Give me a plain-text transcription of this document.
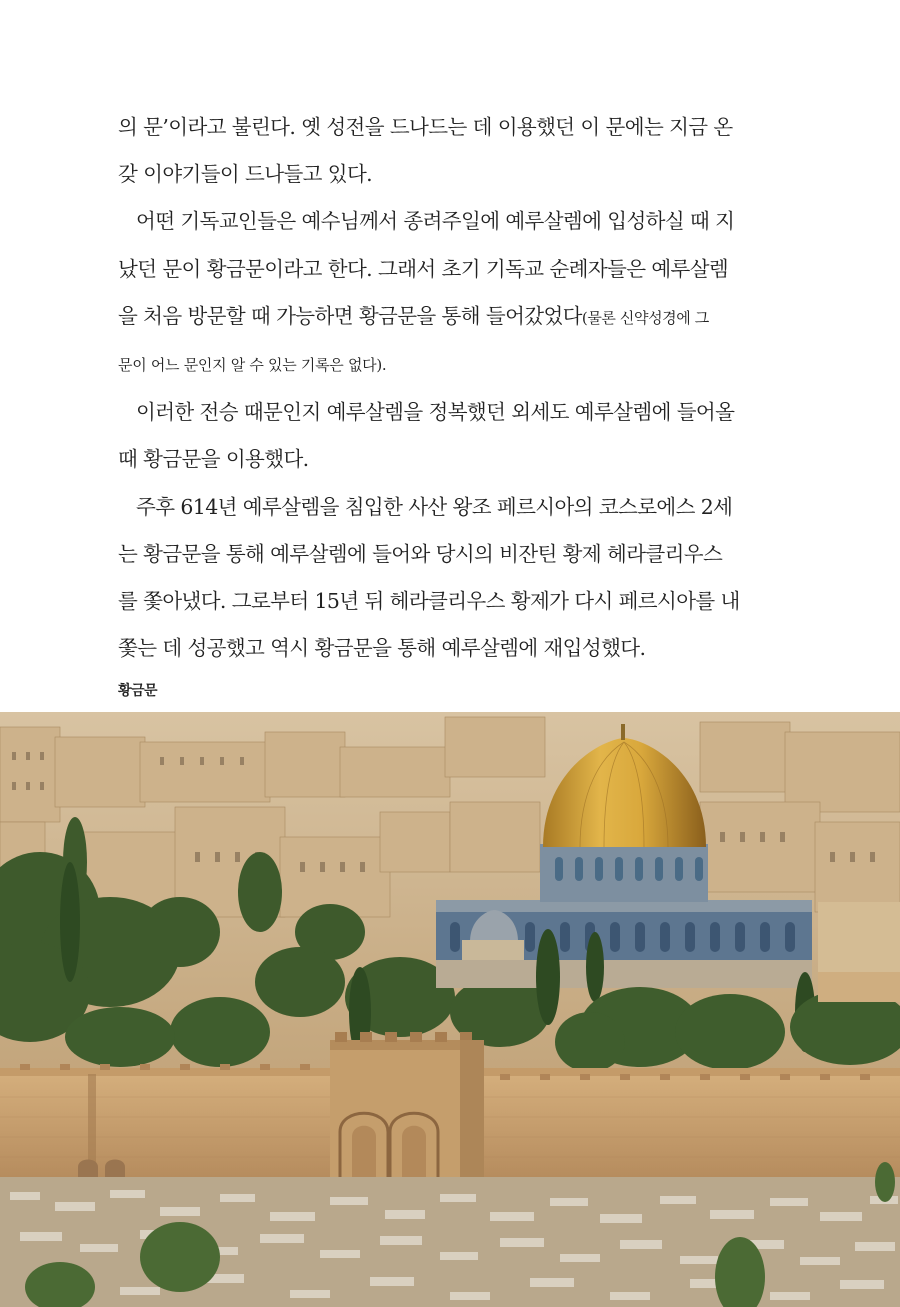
의 문’이라고 불린다. 옛 성전을 드나드는 데 이용했던 이 문에는 지금 온

갖 이야기들이 드나들고 있다.

어떤 기독교인들은 예수님께서 종려주일에 예루살렘에 입성하실 때 지

났던 문이 황금문이라고 한다. 그래서 초기 기독교 순례자들은 예루살렘

을 처음 방문할 때 가능하면 황금문을 통해 들어갔었다(물론 신약성경에 그

문이 어느 문인지 알 수 있는 기록은 없다).

이러한 전승 때문인지 예루살렘을 정복했던 외세도 예루살렘에 들어올

때 황금문을 이용했다.

주후 614년 예루살렘을 침입한 사산 왕조 페르시아의 코스로에스 2세

는 황금문을 통해 예루살렘에 들어와 당시의 비잔틴 황제 헤라클리우스

를 쫓아냈다. 그로부터 15년 뒤 헤라클리우스 황제가 다시 페르시아를 내

쫓는 데 성공했고 역시 황금문을 통해 예루살렘에 재입성했다.

황금문
